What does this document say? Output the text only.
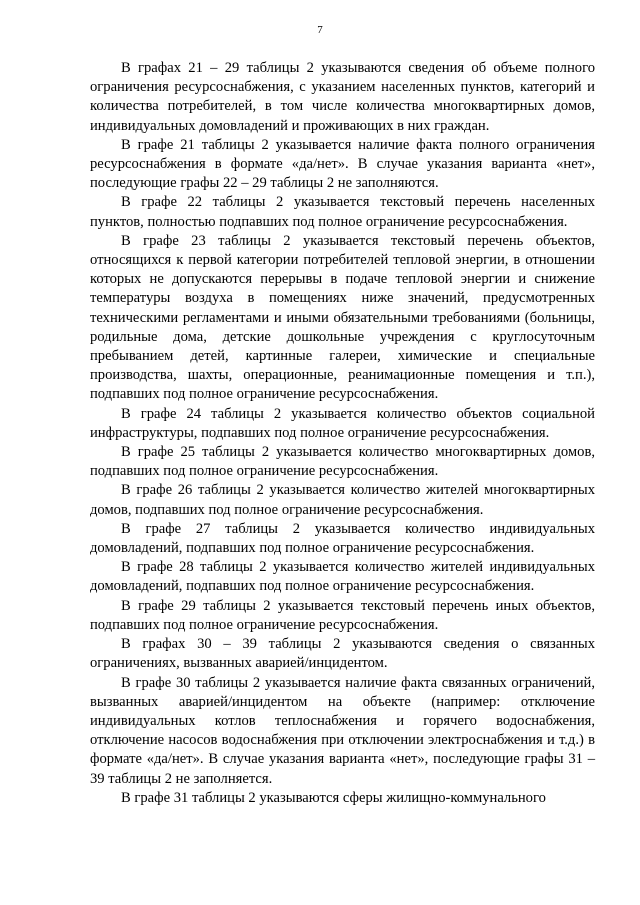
7

В графах 21 – 29 таблицы 2 указываются сведения об объеме полного ограничения ресурсоснабжения, с указанием населенных пунктов, категорий и количества потребителей, в том числе количества многоквартирных домов, индивидуальных домовладений и проживающих в них граждан.

В графе 21 таблицы 2 указывается наличие факта полного ограничения ресурсоснабжения в формате «да/нет». В случае указания варианта «нет», последующие графы 22 – 29 таблицы 2 не заполняются.

В графе 22 таблицы 2 указывается текстовый перечень населенных пунктов, полностью подпавших под полное ограничение ресурсоснабжения.

В графе 23 таблицы 2 указывается текстовый перечень объектов, относящихся к первой категории потребителей тепловой энергии, в отношении которых не допускаются перерывы в подаче тепловой энергии и снижение температуры воздуха в помещениях ниже значений, предусмотренных техническими регламентами и иными обязательными требованиями (больницы, родильные дома, детские дошкольные учреждения с круглосуточным пребыванием детей, картинные галереи, химические и специальные производства, шахты, операционные, реанимационные помещения и т.п.), подпавших под полное ограничение ресурсоснабжения.

В графе 24 таблицы 2 указывается количество объектов социальной инфраструктуры, подпавших под полное ограничение ресурсоснабжения.

В графе 25 таблицы 2 указывается количество многоквартирных домов, подпавших под полное ограничение ресурсоснабжения.

В графе 26 таблицы 2 указывается количество жителей многоквартирных домов, подпавших под полное ограничение ресурсоснабжения.

В графе 27 таблицы 2 указывается количество индивидуальных домовладений, подпавших под полное ограничение ресурсоснабжения.

В графе 28 таблицы 2 указывается количество жителей индивидуальных домовладений, подпавших под полное ограничение ресурсоснабжения.

В графе 29 таблицы 2 указывается текстовый перечень иных объектов, подпавших под полное ограничение ресурсоснабжения.

В графах 30 – 39 таблицы 2 указываются сведения о связанных ограничениях, вызванных аварией/инцидентом.

В графе 30 таблицы 2 указывается наличие факта связанных ограничений, вызванных аварией/инцидентом на объекте (например: отключение индивидуальных котлов теплоснабжения и горячего водоснабжения, отключение насосов водоснабжения при отключении электроснабжения и т.д.) в формате «да/нет». В случае указания варианта «нет», последующие графы 31 – 39 таблицы 2 не заполняется.

В графе 31 таблицы 2 указываются сферы жилищно-коммунального
